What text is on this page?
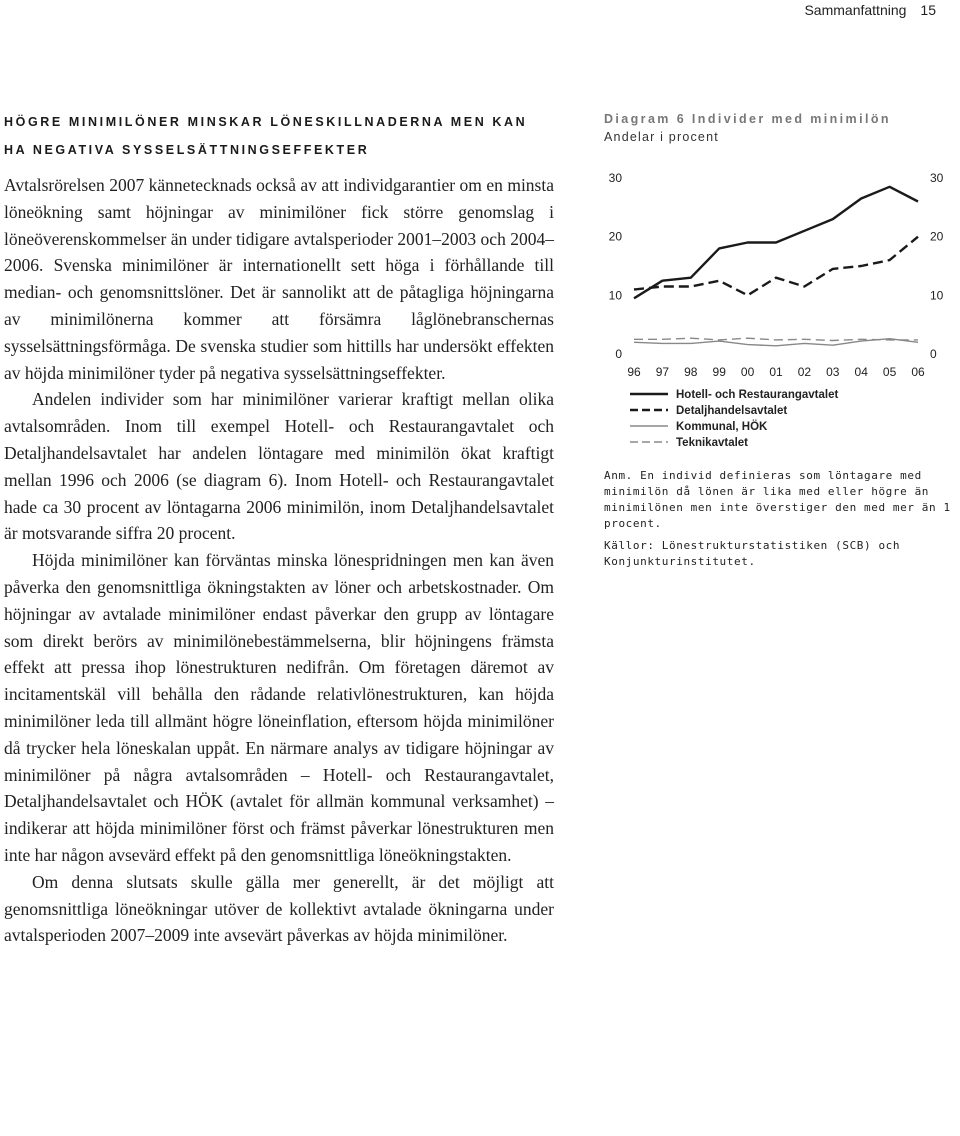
Sammanfattning 15
HÖGRE MINIMILÖNER MINSKAR LÖNESKILLNADERNA MEN KAN HA NEGATIVA SYSSELSÄTTNINGSEFFEKTER

Avtalsrörelsen 2007 kännetecknads också av att individgarantier om en minsta löneökning samt höjningar av minimilöner fick större genomslag i löneöverenskommelser än under tidigare avtalsperioder 2001–2003 och 2004–2006. Svenska minimilöner är internationellt sett höga i förhållande till median- och genomsnittslöner. Det är sannolikt att de påtagliga höjningarna av minimilönerna kommer att försämra låglönebranschernas sysselsättningsförmåga. De svenska studier som hittills har undersökt effekten av höjda minimilöner tyder på negativa sysselsättningseffekter.

Andelen individer som har minimilöner varierar kraftigt mellan olika avtalsområden. Inom till exempel Hotell- och Restaurangavtalet och Detaljhandelsavtalet har andelen löntagare med minimilön ökat kraftigt mellan 1996 och 2006 (se diagram 6). Inom Hotell- och Restaurangavtalet hade ca 30 procent av löntagarna 2006 minimilön, inom Detaljhandelsavtalet är motsvarande siffra 20 procent.

Höjda minimilöner kan förväntas minska lönespridningen men kan även påverka den genomsnittliga ökningstakten av löner och arbetskostnader. Om höjningar av avtalade minimilöner endast påverkar den grupp av löntagare som direkt berörs av minimilönebestämmelserna, blir höjningens främsta effekt att pressa ihop lönestrukturen nedifrån. Om företagen däremot av incitamentskäl vill behålla den rådande relativlönestrukturen, kan höjda minimilöner leda till allmänt högre löneinflation, eftersom höjda minimilöner då trycker hela löneskalan uppåt. En närmare analys av tidigare höjningar av minimilöner på några avtalsområden – Hotell- och Restaurangavtalet, Detaljhandelsavtalet och HÖK (avtalet för allmän kommunal verksamhet) – indikerar att höjda minimilöner först och främst påverkar lönestrukturen men inte har någon avsevärd effekt på den genomsnittliga löneökningstakten.

Om denna slutsats skulle gälla mer generellt, är det möjligt att genomsnittliga löneökningar utöver de kollektivt avtalade ökningarna under avtalsperioden 2007–2009 inte avsevärt påverkas av höjda minimilöner.

Diagram 6 Individer med minimilön
Andelar i procent
0	0
10	10
20	20
30	30
96 97 98 99 00 01 02 03 04 05 06
Hotell- och Restaurangavtalet
Detaljhandelsavtalet
Kommunal, HÖK
Teknikavtalet
Anm. En individ definieras som löntagare med minimilön då lönen är lika med eller högre än minimilönen men inte överstiger den med mer än 1 procent.
Källor: Lönestrukturstatistiken (SCB) och Konjunkturinstitutet.
